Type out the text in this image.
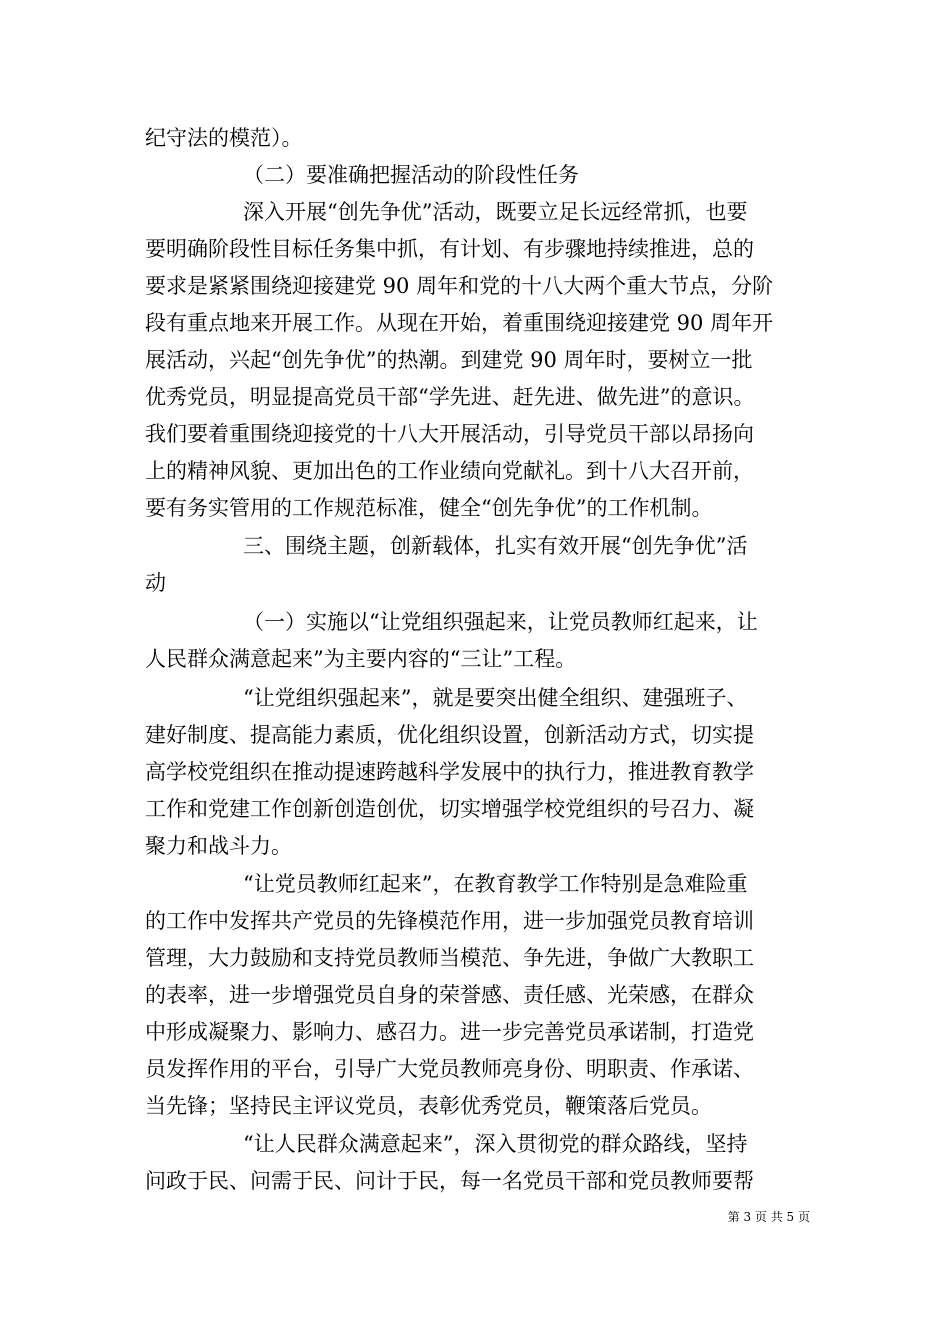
纪守法的模范）。
（二）要准确把握活动的阶段性任务
深入开展“创先争优”活动，既要立足长远经常抓，也要
要明确阶段性目标任务集中抓，有计划、有步骤地持续推进，总的
要求是紧紧围绕迎接建党 90 周年和党的十八大两个重大节点，分阶
段有重点地来开展工作。从现在开始，着重围绕迎接建党 90 周年开
展活动，兴起“创先争优”的热潮。到建党 90 周年时，要树立一批
优秀党员，明显提高党员干部“学先进、赶先进、做先进”的意识。
我们要着重围绕迎接党的十八大开展活动，引导党员干部以昂扬向
上的精神风貌、更加出色的工作业绩向党献礼。到十八大召开前，
要有务实管用的工作规范标准，健全“创先争优”的工作机制。
三、围绕主题，创新载体，扎实有效开展“创先争优”活
动
（一）实施以“让党组织强起来，让党员教师红起来，让
人民群众满意起来”为主要内容的“三让”工程。
“让党组织强起来”，就是要突出健全组织、建强班子、
建好制度、提高能力素质，优化组织设置，创新活动方式，切实提
高学校党组织在推动提速跨越科学发展中的执行力，推进教育教学
工作和党建工作创新创造创优，切实增强学校党组织的号召力、凝
聚力和战斗力。
“让党员教师红起来”，在教育教学工作特别是急难险重
的工作中发挥共产党员的先锋模范作用，进一步加强党员教育培训
管理，大力鼓励和支持党员教师当模范、争先进，争做广大教职工
的表率，进一步增强党员自身的荣誉感、责任感、光荣感，在群众
中形成凝聚力、影响力、感召力。进一步完善党员承诺制，打造党
员发挥作用的平台，引导广大党员教师亮身份、明职责、作承诺、
当先锋；坚持民主评议党员，表彰优秀党员，鞭策落后党员。
“让人民群众满意起来”，深入贯彻党的群众路线，坚持
问政于民、问需于民、问计于民，每一名党员干部和党员教师要帮
第 3 页 共 5 页
